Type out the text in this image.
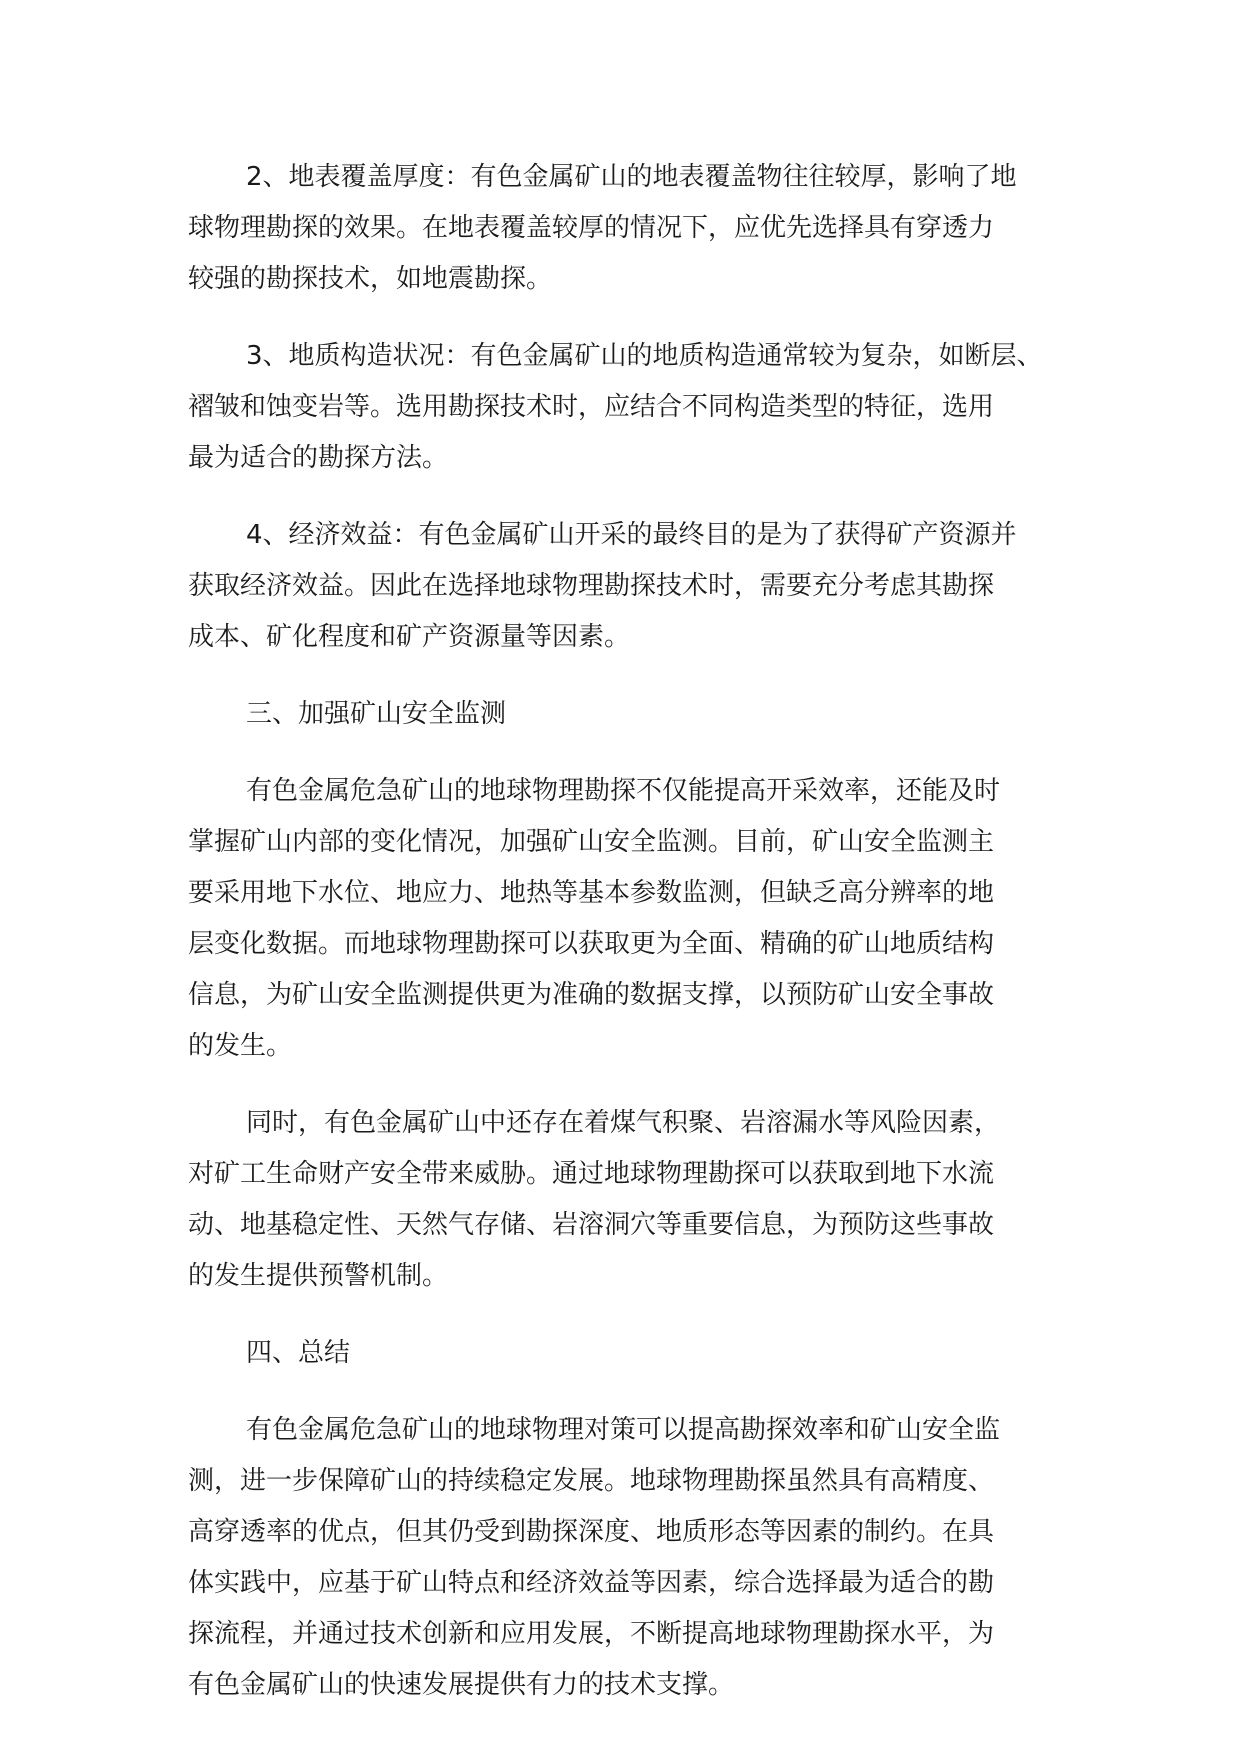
2、地表覆盖厚度：有色金属矿山的地表覆盖物往往较厚，影响了地
球物理勘探的效果。在地表覆盖较厚的情况下，应优先选择具有穿透力
较强的勘探技术，如地震勘探。

3、地质构造状况：有色金属矿山的地质构造通常较为复杂，如断层、
褶皱和蚀变岩等。选用勘探技术时，应结合不同构造类型的特征，选用
最为适合的勘探方法。

4、经济效益：有色金属矿山开采的最终目的是为了获得矿产资源并
获取经济效益。因此在选择地球物理勘探技术时，需要充分考虑其勘探
成本、矿化程度和矿产资源量等因素。

三、加强矿山安全监测

有色金属危急矿山的地球物理勘探不仅能提高开采效率，还能及时
掌握矿山内部的变化情况，加强矿山安全监测。目前，矿山安全监测主
要采用地下水位、地应力、地热等基本参数监测，但缺乏高分辨率的地
层变化数据。而地球物理勘探可以获取更为全面、精确的矿山地质结构
信息，为矿山安全监测提供更为准确的数据支撑，以预防矿山安全事故
的发生。

同时，有色金属矿山中还存在着煤气积聚、岩溶漏水等风险因素，
对矿工生命财产安全带来威胁。通过地球物理勘探可以获取到地下水流
动、地基稳定性、天然气存储、岩溶洞穴等重要信息，为预防这些事故
的发生提供预警机制。

四、总结

有色金属危急矿山的地球物理对策可以提高勘探效率和矿山安全监
测，进一步保障矿山的持续稳定发展。地球物理勘探虽然具有高精度、
高穿透率的优点，但其仍受到勘探深度、地质形态等因素的制约。在具
体实践中，应基于矿山特点和经济效益等因素，综合选择最为适合的勘
探流程，并通过技术创新和应用发展，不断提高地球物理勘探水平，为
有色金属矿山的快速发展提供有力的技术支撑。
